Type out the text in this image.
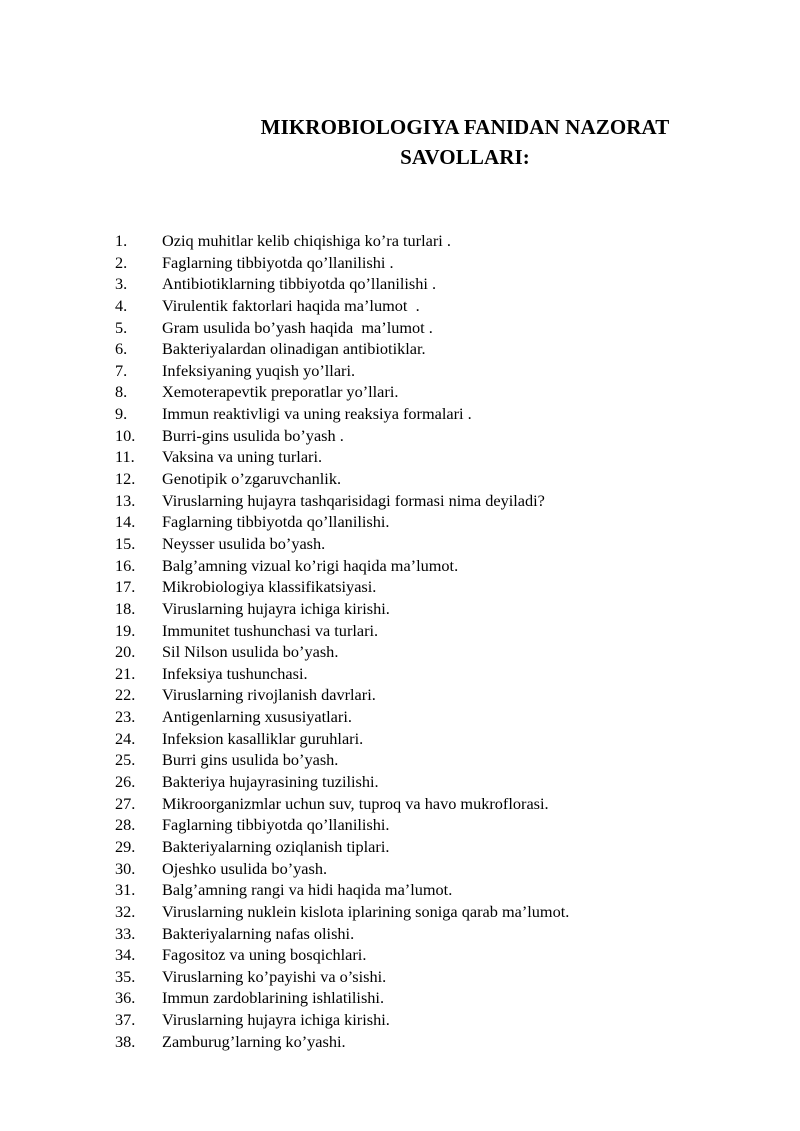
MIKROBIOLOGIYA FANIDAN NAZORAT
SAVOLLARI:
1.	Oziq muhitlar kelib chiqishiga ko’ra turlari .
2.	Faglarning tibbiyotda qo’llanilishi .
3.	Antibiotiklarning tibbiyotda qo’llanilishi .
4.	Virulentik faktorlari haqida ma’lumot  .
5.	Gram usulida bo’yash haqida  ma’lumot .
6.	Bakteriyalardan olinadigan antibiotiklar.
7.	Infeksiyaning yuqish yo’llari.
8.	Xemoterapevtik preporatlar yo’llari.
9.	Immun reaktivligi va uning reaksiya formalari .
10.	Burri-gins usulida bo’yash .
11.	Vaksina va uning turlari.
12.	Genotipik o’zgaruvchanlik.
13.	Viruslarning hujayra tashqarisidagi formasi nima deyiladi?
14.	Faglarning tibbiyotda qo’llanilishi.
15.	Neysser usulida bo’yash.
16.	Balg’amning vizual ko’rigi haqida ma’lumot.
17.	Mikrobiologiya klassifikatsiyasi.
18.	Viruslarning hujayra ichiga kirishi.
19.	Immunitet tushunchasi va turlari.
20.	Sil Nilson usulida bo’yash.
21.	Infeksiya tushunchasi.
22.	Viruslarning rivojlanish davrlari.
23.	Antigenlarning xususiyatlari.
24.	Infeksion kasalliklar guruhlari.
25.	Burri gins usulida bo’yash.
26.	Bakteriya hujayrasining tuzilishi.
27.	Mikroorganizmlar uchun suv, tuproq va havo mukroflorasi.
28.	Faglarning tibbiyotda qo’llanilishi.
29.	Bakteriyalarning oziqlanish tiplari.
30.	Ojeshko usulida bo’yash.
31.	Balg’amning rangi va hidi haqida ma’lumot.
32.	Viruslarning nuklein kislota iplarining soniga qarab ma’lumot.
33.	Bakteriyalarning nafas olishi.
34.	Fagositoz va uning bosqichlari.
35.	Viruslarning ko’payishi va o’sishi.
36.	Immun zardoblarining ishlatilishi.
37.	Viruslarning hujayra ichiga kirishi.
38.	Zamburug’larning ko’yashi.
